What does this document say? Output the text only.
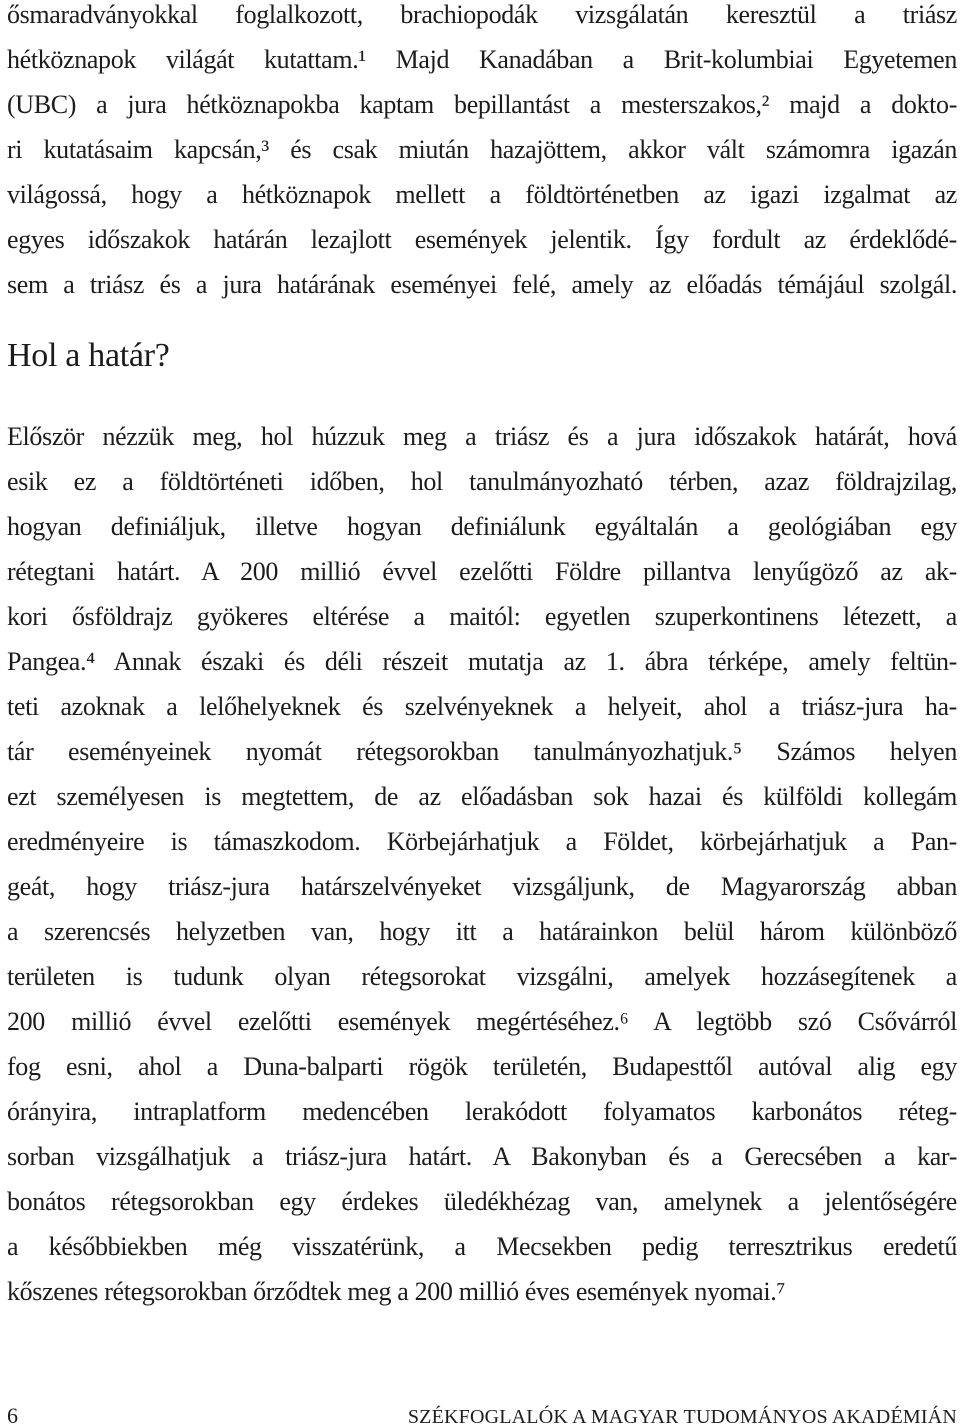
ősmaradványokkal foglalkozott, brachiopodák vizsgálatán keresztül a triász
hétköznapok világát kutattam.¹ Majd Kanadában a Brit-kolumbiai Egyetemen
(UBC) a jura hétköznapokba kaptam bepillantást a mesterszakos,² majd a dokto-
ri kutatásaim kapcsán,³ és csak miután hazajöttem, akkor vált számomra igazán
világossá, hogy a hétköznapok mellett a földtörténetben az igazi izgalmat az
egyes időszakok határán lezajlott események jelentik. Így fordult az érdeklődé-
sem a triász és a jura határának eseményei felé, amely az előadás témájául szolgál.
Hol a határ?
Először nézzük meg, hol húzzuk meg a triász és a jura időszakok határát, hová
esik ez a földtörténeti időben, hol tanulmányozható térben, azaz földrajzilag,
hogyan definiáljuk, illetve hogyan definiálunk egyáltalán a geológiában egy
rétegtani határt. A 200 millió évvel ezelőtti Földre pillantva lenyűgöző az ak-
kori ősföldrajz gyökeres eltérése a maitól: egyetlen szuperkontinens létezett, a
Pangea.⁴ Annak északi és déli részeit mutatja az 1. ábra térképe, amely feltün-
teti azoknak a lelőhelyeknek és szelvényeknek a helyeit, ahol a triász-jura ha-
tár eseményeinek nyomát rétegsorokban tanulmányozhatjuk.⁵ Számos helyen
ezt személyesen is megtettem, de az előadásban sok hazai és külföldi kollegám
eredményeire is támaszkodom. Körbejárhatjuk a Földet, körbejárhatjuk a Pan-
geát, hogy triász-jura határszelvényeket vizsgáljunk, de Magyarország abban
a szerencsés helyzetben van, hogy itt a határainkon belül három különböző
területen is tudunk olyan rétegsorokat vizsgálni, amelyek hozzásegítenek a
200 millió évvel ezelőtti események megértéséhez.⁶ A legtöbb szó Csővárról
fog esni, ahol a Duna-balparti rögök területén, Budapesttől autóval alig egy
órányira, intraplatform medencében lerakódott folyamatos karbonátos réteg-
sorban vizsgálhatjuk a triász-jura határt. A Bakonyban és a Gerecsében a kar-
bonátos rétegsorokban egy érdekes üledékhézag van, amelynek a jelentőségére
a későbbiekben még visszatérünk, a Mecsekben pedig terresztrikus eredetű
kőszenes rétegsorokban őrződtek meg a 200 millió éves események nyomai.⁷
6	SZÉKFOGLALÓK A MAGYAR TUDOMÁNYOS AKADÉMIÁN
